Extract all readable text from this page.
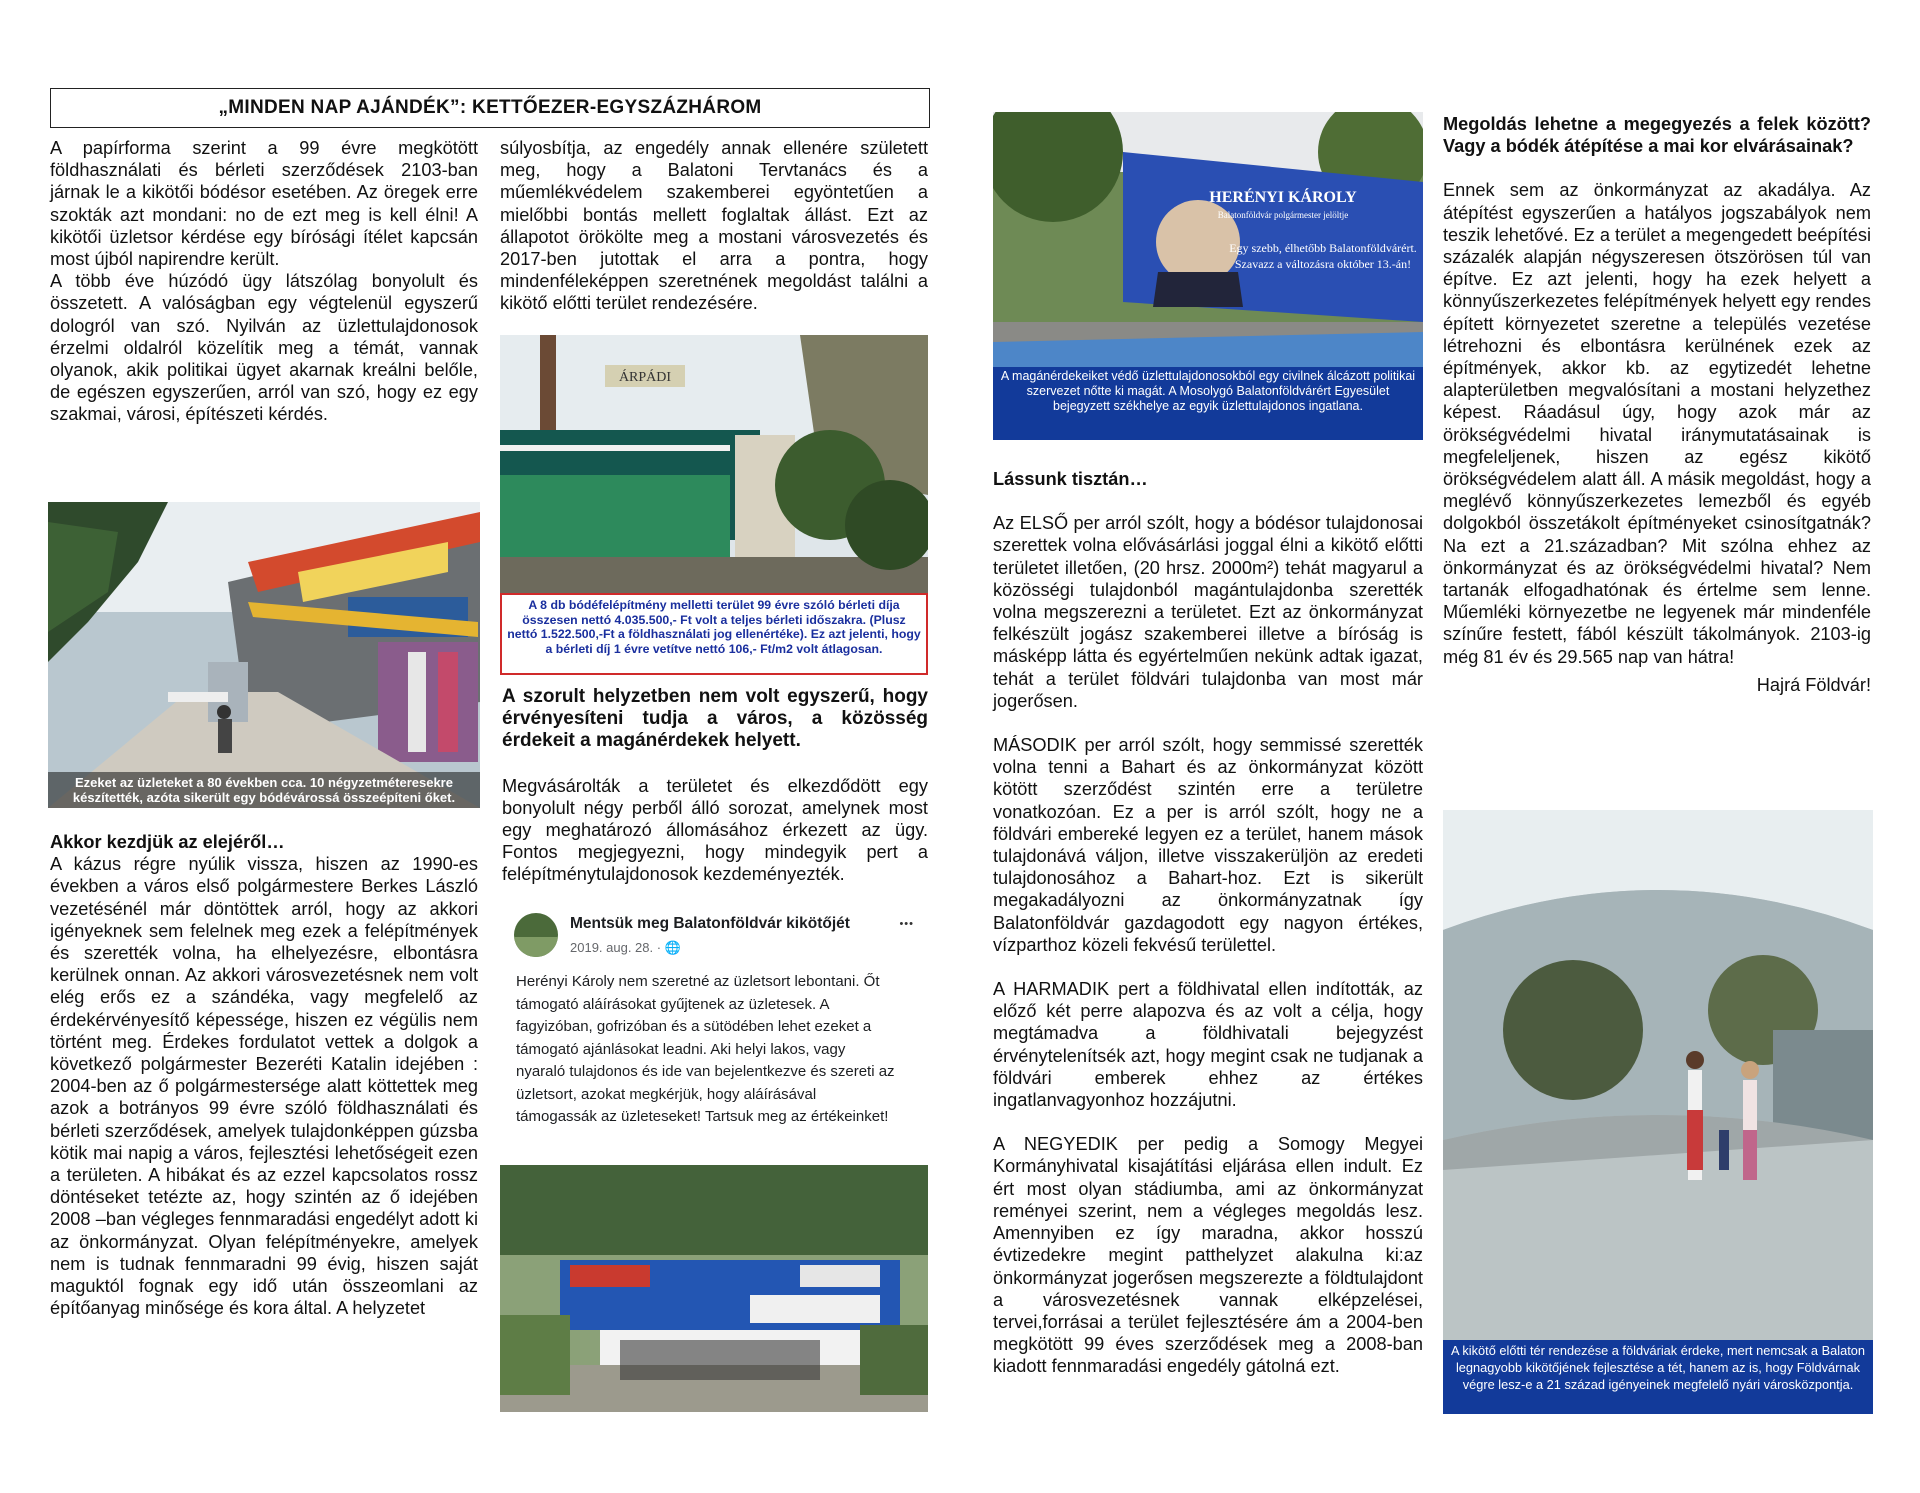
„MINDEN NAP AJÁNDÉK”: KETTŐEZER-EGYSZÁZHÁROM

A papírforma szerint a 99 évre megkötött földhasználati és bérleti szerződések 2103-ban járnak le a kikötői bódésor esetében. Az öregek erre szokták azt mondani: no de ezt meg is kell élni! A kikötői üzletsor kérdése egy bírósági ítélet kapcsán most újból napirendre került.

A több éve húzódó ügy látszólag bonyolult és összetett. A valóságban egy végtelenül egyszerű dologról van szó. Nyilván az üzlettulajdonosok érzelmi oldalról közelítik meg a témát, vannak olyanok, akik politikai ügyet akarnak kreálni belőle, de egészen egyszerűen, arról van szó, hogy ez egy szakmai, városi, építészeti kérdés.

Ezeket az üzleteket a 80 években cca. 10 négyzetméteresekre készítették, azóta sikerült egy bódévárossá összeépíteni őket.

Akkor kezdjük az elejéről…

A kázus régre nyúlik vissza, hiszen az 1990-es években a város első polgármestere Berkes László vezetésénél már döntöttek arról, hogy az akkori igényeknek sem felelnek meg ezek a felépítmények és szerették volna, ha elhelyezésre, elbontásra kerülnek onnan. Az akkori városvezetésnek nem volt elég erős ez a szándéka, vagy megfelelő az érdekérvényesítő képessége, hiszen ez végülis nem történt meg. Érdekes fordulatot vettek a dolgok a következő polgármester Bezeréti Katalin idejében : 2004-ben az ő polgármestersége alatt köttettek meg azok a botrányos 99 évre szóló földhasználati és bérleti szerződések, amelyek tulajdonképpen gúzsba kötik mai napig a város, fejlesztési lehetőségeit ezen a területen. A hibákat és az ezzel kapcsolatos rossz döntéseket tetézte az, hogy szintén az ő idejében 2008 –ban végleges fennmaradási engedélyt adott ki az önkormányzat. Olyan felépítményekre, amelyek nem is tudnak fennmaradni 99 évig, hiszen saját maguktól fognak egy idő után összeomlani az építőanyag minősége és kora által. A helyzetet

súlyosbítja, az engedély annak ellenére született meg, hogy a Balatoni Tervtanács és a műemlékvédelem szakemberei egyöntetűen a mielőbbi bontás mellett foglaltak állást. Ezt az állapotot örökölte meg a mostani városvezetés és 2017-ben jutottak el arra a pontra, hogy mindenféleképpen szeretnének megoldást találni a kikötő előtti terület rendezésére.

ÁRPÁDI
A 8 db bódéfelépítmény melletti terület 99 évre szóló bérleti díja összesen nettó 4.035.500,- Ft volt a teljes bérleti időszakra. (Plusz nettó 1.522.500,-Ft a földhasználati jog ellenértéke). Ez azt jelenti, hogy a bérleti díj 1 évre vetítve nettó 106,- Ft/m2 volt átlagosan.

A szorult helyzetben nem volt egyszerű, hogy érvényesíteni tudja a város, a közösség érdekeit a magánérdekek helyett.

Megvásárolták a területet és elkezdődött egy bonyolult négy perből álló sorozat, amelynek most egy meghatározó állomásához érkezett az ügy. Fontos megjegyezni, hogy mindegyik pert a felépítménytulajdonosok kezdeményezték.

Mentsük meg Balatonföldvár kikötőjét
2019. aug. 28. · 🌐
•••
Herényi Károly nem szeretné az üzletsort lebontani. Őt támogató aláírásokat gyűjtenek az üzletesek. A fagyizóban, gofrizóban és a sütödében lehet ezeket a támogató ajánlásokat leadni. Aki helyi lakos, vagy nyaraló tulajdonos és ide van bejelentkezve és szereti az üzletsort, azokat megkérjük, hogy aláírásával támogassák az üzleteseket! Tartsuk meg az értékeinket!
HERÉNYI KÁROLY
Balatonföldvár polgármester jelöltje
Egy szebb, élhetőbb Balatonföldvárért.
Szavazz a változásra október 13.-án!
A magánérdekeiket védő üzlettulajdonosokból egy civilnek álcázott politikai szervezet nőtte ki magát. A Mosolygó Balatonföldvárért Egyesület bejegyzett székhelye az egyik üzlettulajdonos ingatlana.

Lássunk tisztán…

Az ELSŐ per arról szólt, hogy a bódésor tulajdonosai szerettek volna elővásárlási joggal élni a kikötő előtti területet illetően, (20 hrsz. 2000m²) tehát magyarul a közösségi tulajdonból magántulajdonba szerették volna megszerezni a területet. Ezt az önkormányzat felkészült jogász szakemberei illetve a bíróság is másképp látta és egyértelműen nekünk adtak igazat, tehát a terület földvári tulajdonba van most már jogerősen.

MÁSODIK per arról szólt, hogy semmissé szerették volna tenni a Bahart és az önkormányzat között kötött szerződést szintén erre a területre vonatkozóan. Ez a per is arról szólt, hogy ne a földvári embereké legyen ez a terület, hanem mások tulajdonává váljon, illetve visszakerüljön az eredeti tulajdonosához a Bahart-hoz. Ezt is sikerült megakadályozni az önkormányzatnak így Balatonföldvár gazdagodott egy nagyon értékes, vízparthoz közeli fekvésű területtel.

A HARMADIK pert a földhivatal ellen indították, az előző két perre alapozva és az volt a célja, hogy megtámadva a földhivatali bejegyzést érvénytelenítsék azt, hogy megint csak ne tudjanak a földvári emberek ehhez az értékes ingatlanvagyonhoz hozzájutni.

A NEGYEDIK per pedig a Somogy Megyei Kormányhivatal kisajátítási eljárása ellen indult. Ez ért most olyan stádiumba, ami az önkormányzat reményei szerint, nem a végleges megoldás lesz. Amennyiben ez így maradna, akkor hosszú évtizedekre megint patthelyzet alakulna ki:az önkormányzat jogerősen megszerezte a földtulajdont a városvezetésnek vannak elképzelései, tervei,forrásai a terület fejlesztésére ám a 2004-ben megkötött 99 éves szerződések meg a 2008-ban kiadott fennmaradási engedély gátolná ezt.

Megoldás lehetne a megegyezés a felek között? Vagy a bódék átépítése a mai kor elvárásainak?

Ennek sem az önkormányzat az akadálya. Az átépítést egyszerűen a hatályos jogszabályok nem teszik lehetővé. Ez a terület a megengedett beépítési százalék alapján négyszeresen ötszörösen túl van építve. Ez azt jelenti, hogy ha ezek helyett a könnyűszerkezetes felépítmények helyett egy rendes épített környezetet szeretne a település vezetése létrehozni és elbontásra kerülnének ezek az építmények, akkor kb. az egytizedét lehetne alapterületben megvalósítani a mostani helyzethez képest. Ráadásul úgy, hogy azok már az örökségvédelmi hivatal iránymutatásainak is megfeleljenek, hiszen az egész kikötő örökségvédelem alatt áll. A másik megoldást, hogy a meglévő könnyűszerkezetes lemezből és egyéb dolgokból összetákolt építményeket csinosítgatnák? Na ezt a 21.században? Mit szólna ehhez az önkormányzat és az örökségvédelmi hivatal? Nem tartanák elfogadhatónak és értelme sem lenne. Műemléki környezetbe ne legyenek már mindenféle színűre festett, fából készült tákolmányok. 2103-ig még 81 év és 29.565 nap van hátra!

Hajrá Földvár!

A kikötő előtti tér rendezése a földváriak érdeke, mert nemcsak a Balaton legnagyobb kikötőjének fejlesztése a tét, hanem az is, hogy Földvárnak végre lesz-e a 21 század igényeinek megfelelő nyári városközpontja.
